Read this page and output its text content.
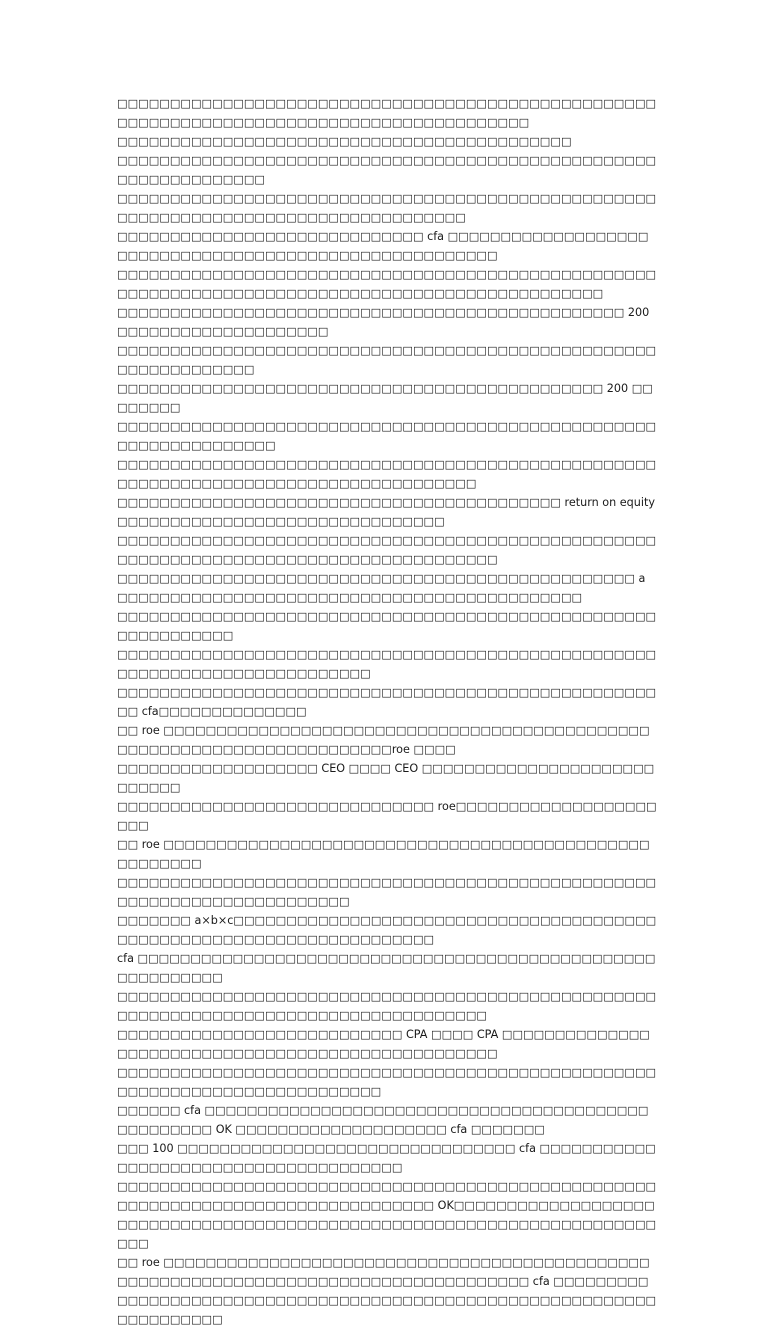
□□□□□□□□□□□□□□□□□□□□□□□□□□□□□□□□□□□□□□□□□□□□□□□□□□□□□□□□□□□□□□□□□□□□□□□□□□□□□□□□□□□□□□□□□□

□□□□□□□□□□□□□□□□□□□□□□□□□□□□□□□□□□□□□□□□□□□

□□□□□□□□□□□□□□□□□□□□□□□□□□□□□□□□□□□□□□□□□□□□□□□□□□□□□□□□□□□□□□□□□

□□□□□□□□□□□□□□□□□□□□□□□□□□□□□□□□□□□□□□□□□□□□□□□□□□□□□□□□□□□□□□□□□□□□□□□□□□□□□□□□□□□□

□□□□□□□□□□□□□□□□□□□□□□□□□□□□□ cfa □□□□□□□□□□□□□□□□□□□□□□□□□□□□□□□□□□□□□□□□□□□□□□□□□□□□□□□

□□□□□□□□□□□□□□□□□□□□□□□□□□□□□□□□□□□□□□□□□□□□□□□□□□□□□□□□□□□□□□□□□□□□□□□□□□□□□□□□□□□□□□□□□□□□□□□□□

□□□□□□□□□□□□□□□□□□□□□□□□□□□□□□□□□□□□□□□□□□□□□□□□ 200 □□□□□□□□□□□□□□□□□□□□

□□□□□□□□□□□□□□□□□□□□□□□□□□□□□□□□□□□□□□□□□□□□□□□□□□□□□□□□□□□□□□□□

□□□□□□□□□□□□□□□□□□□□□□□□□□□□□□□□□□□□□□□□□□□□□□ 200 □□□□□□□□

□□□□□□□□□□□□□□□□□□□□□□□□□□□□□□□□□□□□□□□□□□□□□□□□□□□□□□□□□□□□□□□□□□

□□□□□□□□□□□□□□□□□□□□□□□□□□□□□□□□□□□□□□□□□□□□□□□□□□□□□□□□□□□□□□□□□□□□□□□□□□□□□□□□□□□□□

□□□□□□□□□□□□□□□□□□□□□□□□□□□□□□□□□□□□□□□□□□ return on equity□□□□□□□□□□□□□□□□□□□□□□□□□□□□□□□

□□□□□□□□□□□□□□□□□□□□□□□□□□□□□□□□□□□□□□□□□□□□□□□□□□□□□□□□□□□□□□□□□□□□□□□□□□□□□□□□□□□□□□□

□□□□□□□□□□□□□□□□□□□□□□□□□□□□□□□□□□□□□□□□□□□□□□□□□ a □□□□□□□□□□□□□□□□□□□□□□□□□□□□□□□□□□□□□□□□□□□□

□□□□□□□□□□□□□□□□□□□□□□□□□□□□□□□□□□□□□□□□□□□□□□□□□□□□□□□□□□□□□□

□□□□□□□□□□□□□□□□□□□□□□□□□□□□□□□□□□□□□□□□□□□□□□□□□□□□□□□□□□□□□□□□□□□□□□□□□□□

□□□□□□□□□□□□□□□□□□□□□□□□□□□□□□□□□□□□□□□□□□□□□□□□□□□□□ cfa□□□□□□□□□□□□□□

□□ roe □□□□□□□□□□□□□□□□□□□□□□□□□□□□□□□□□□□□□□□□□□□□□□□□□□□□□□□□□□□□□□□□□□□□□□□□roe □□□□

□□□□□□□□□□□□□□□□□□□ CEO □□□□ CEO □□□□□□□□□□□□□□□□□□□□□□□□□□□□

□□□□□□□□□□□□□□□□□□□□□□□□□□□□□□ roe□□□□□□□□□□□□□□□□□□□□□□

□□ roe □□□□□□□□□□□□□□□□□□□□□□□□□□□□□□□□□□□□□□□□□□□□□□□□□□□□□□

□□□□□□□□□□□□□□□□□□□□□□□□□□□□□□□□□□□□□□□□□□□□□□□□□□□□□□□□□□□□□□□□□□□□□□□□□

□□□□□□□ a×b×c□□□□□□□□□□□□□□□□□□□□□□□□□□□□□□□□□□□□□□□□□□□□□□□□□□□□□□□□□□□□□□□□□□□□□□

cfa □□□□□□□□□□□□□□□□□□□□□□□□□□□□□□□□□□□□□□□□□□□□□□□□□□□□□□□□□□□

□□□□□□□□□□□□□□□□□□□□□□□□□□□□□□□□□□□□□□□□□□□□□□□□□□□□□□□□□□□□□□□□□□□□□□□□□□□□□□□□□□□□□□

□□□□□□□□□□□□□□□□□□□□□□□□□□□ CPA □□□□ CPA □□□□□□□□□□□□□□□□□□□□□□□□□□□□□□□□□□□□□□□□□□□□□□□□□□

□□□□□□□□□□□□□□□□□□□□□□□□□□□□□□□□□□□□□□□□□□□□□□□□□□□□□□□□□□□□□□□□□□□□□□□□□□□□

□□□□□□ cfa □□□□□□□□□□□□□□□□□□□□□□□□□□□□□□□□□□□□□□□□□□□□□□□□□□□ OK □□□□□□□□□□□□□□□□□□□□ cfa □□□□□□□

□□□ 100 □□□□□□□□□□□□□□□□□□□□□□□□□□□□□□□□ cfa □□□□□□□□□□□□□□□□□□□□□□□□□□□□□□□□□□□□□□

□□□□□□□□□□□□□□□□□□□□□□□□□□□□□□□□□□□□□□□□□□□□□□□□□□□□□□□□□□□□□□□□□□□□□□□□□□□□□□□□□ OK□□□□□□□□□□□□□□□□□□□□□□□□□□□□□□□□□□□□□□□□□□□□□□□□□□□□□□□□□□□□□□□□□□□□□□□□□

□□ roe □□□□□□□□□□□□□□□□□□□□□□□□□□□□□□□□□□□□□□□□□□□□□□□□□□□□□□□□□□□□□□□□□□□□□□□□□□□□□□□□□□□□□ cfa □□□□□□□□□□□□□□□□□□□□□□□□□□□□□□□□□□□□□□□□□□□□□□□□□□□□□□□□□□□□□□□□□□□□□□
